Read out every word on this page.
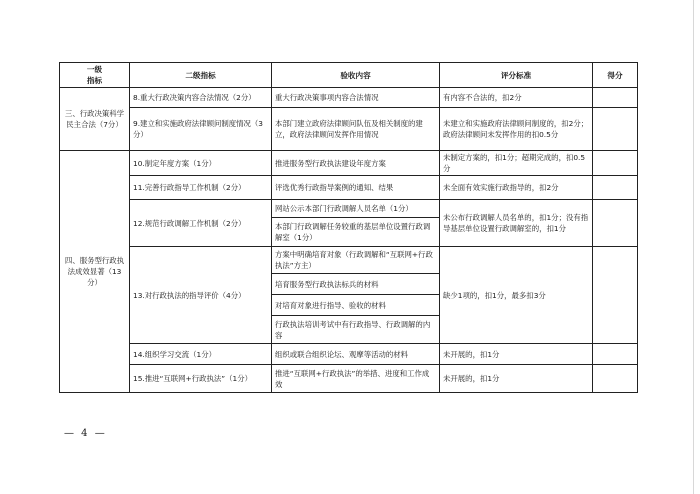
一级
指标	二级指标	验收内容	评分标准	得分
三、行政决策科学民主合法（7分）	8.重大行政决策内容合法情况（2分）	重大行政决策事项内容合法情况	有内容不合法的，扣2分	
	9.建立和实施政府法律顾问制度情况（3分）	本部门建立政府法律顾问队伍及相关制度的建立，政府法律顾问发挥作用情况	未建立和实施政府法律顾问制度的，扣2分；政府法律顾问未发挥作用的扣0.5分	
四、服务型行政执法成效显著（13分）	10.制定年度方案（1分）	推进服务型行政执法建设年度方案	未制定方案的，扣1分；超期完成的，扣0.5分	
	11.完善行政指导工作机制（2分）	评选优秀行政指导案例的通知、结果	未全面有效实施行政指导的，扣2分	
	12.规范行政调解工作机制（2分）	网站公示本部门行政调解人员名单（1分）	未公布行政调解人员名单的，扣1分；没有指导基层单位设置行政调解室的，扣1分	
		本部门行政调解任务较重的基层单位设置行政调解室（1分）		
	13.对行政执法的指导评价（4分）	方案中明确培育对象（行政调解和“互联网+行政执法”方主）	缺少1项的，扣1分，最多扣3分	
		培育服务型行政执法标兵的材料		
		对培育对象进行指导、验收的材料		
		行政执法培训考试中有行政指导、行政调解的内容		
	14.组织学习交流（1分）	组织或联合组织论坛、观摩等活动的材料	未开展的，扣1分	
	15.推进“互联网+行政执法”（1分）	推进“互联网+行政执法”的举措、进度和工作成效	未开展的，扣1分	
— 4 —
